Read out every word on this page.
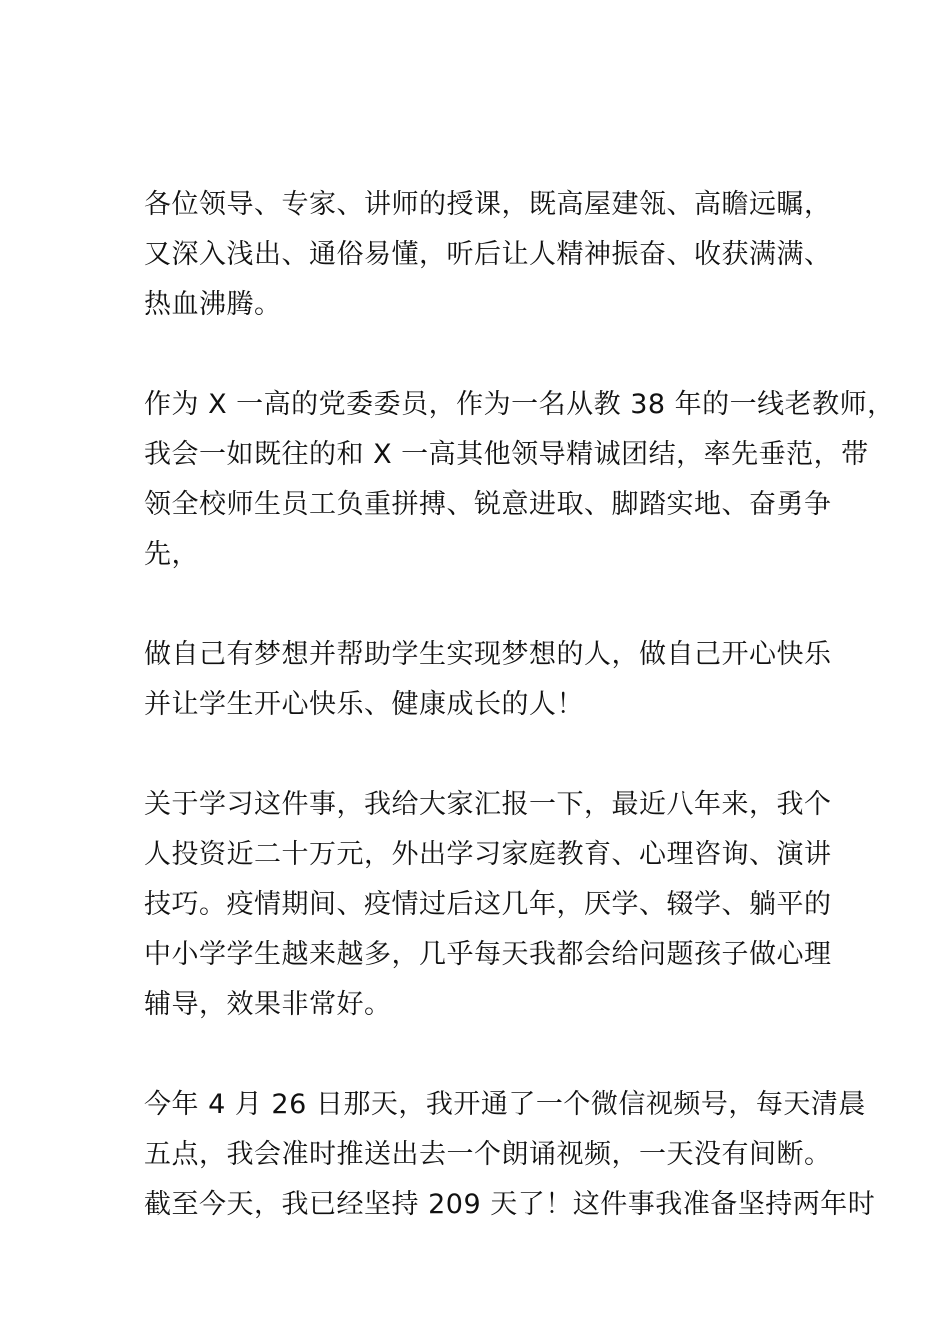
各位领导、专家、讲师的授课，既高屋建瓴、高瞻远瞩，
又深入浅出、通俗易懂，听后让人精神振奋、收获满满、
热血沸腾。
作为 X 一高的党委委员，作为一名从教 38 年的一线老教师，
我会一如既往的和 X 一高其他领导精诚团结，率先垂范，带
领全校师生员工负重拼搏、锐意进取、脚踏实地、奋勇争
先，
做自己有梦想并帮助学生实现梦想的人，做自己开心快乐
并让学生开心快乐、健康成长的人！
关于学习这件事，我给大家汇报一下，最近八年来，我个
人投资近二十万元，外出学习家庭教育、心理咨询、演讲
技巧。疫情期间、疫情过后这几年，厌学、辍学、躺平的
中小学学生越来越多，几乎每天我都会给问题孩子做心理
辅导，效果非常好。
今年 4 月 26 日那天，我开通了一个微信视频号，每天清晨
五点，我会准时推送出去一个朗诵视频，一天没有间断。
截至今天，我已经坚持 209 天了！这件事我准备坚持两年时
